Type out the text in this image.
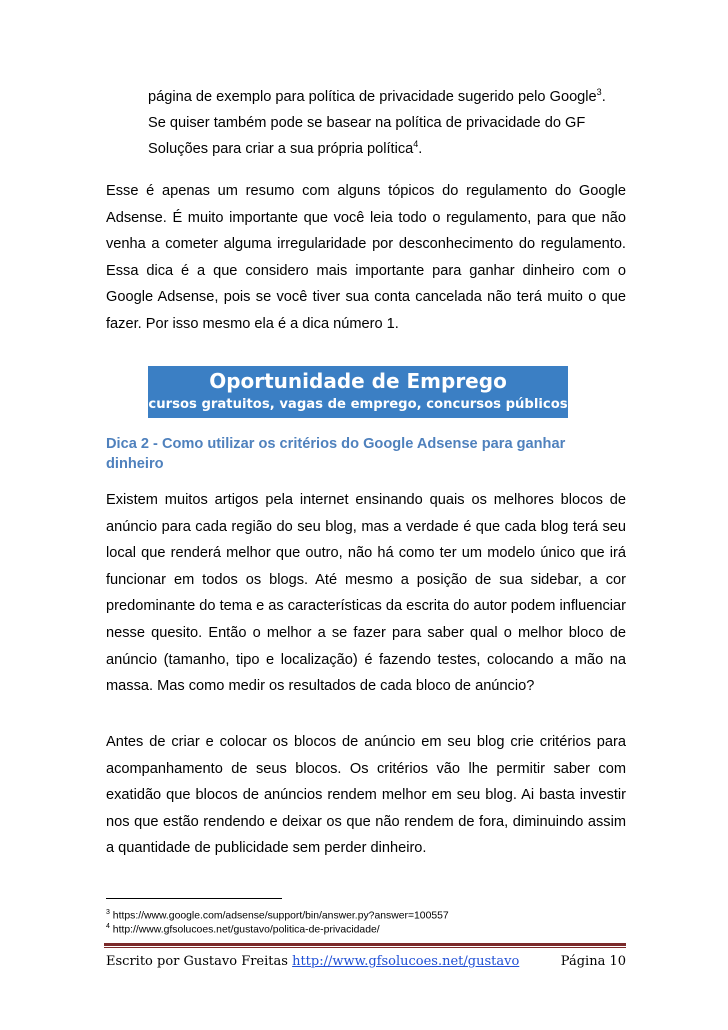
página de exemplo para política de privacidade sugerido pelo Google$^3$.

Se quiser também pode se basear na política de privacidade do GF

Soluções para criar a sua própria política$^4$.

Esse é apenas um resumo com alguns tópicos do regulamento do Google Adsense. É muito importante que você leia todo o regulamento, para que não venha a cometer alguma irregularidade por desconhecimento do regulamento. Essa dica é a que considero mais importante para ganhar dinheiro com o Google Adsense, pois se você tiver sua conta cancelada não terá muito o que fazer. Por isso mesmo ela é a dica número 1.

Oportunidade de Emprego
cursos gratuitos, vagas de emprego, concursos públicos
Dica 2 - Como utilizar os critérios do Google Adsense para ganhar dinheiro

Existem muitos artigos pela internet ensinando quais os melhores blocos de anúncio para cada região do seu blog, mas a verdade é que cada blog terá seu local que renderá melhor que outro, não há como ter um modelo único que irá funcionar em todos os blogs. Até mesmo a posição de sua sidebar, a cor predominante do tema e as características da escrita do autor podem influenciar nesse quesito. Então o melhor a se fazer para saber qual o melhor bloco de anúncio (tamanho, tipo e localização) é fazendo testes, colocando a mão na massa. Mas como medir os resultados de cada bloco de anúncio?

Antes de criar e colocar os blocos de anúncio em seu blog crie critérios para acompanhamento de seus blocos. Os critérios vão lhe permitir saber com exatidão que blocos de anúncios rendem melhor em seu blog. Ai basta investir nos que estão rendendo e deixar os que não rendem de fora, diminuindo assim a quantidade de publicidade sem perder dinheiro.

$^3$ https://www.google.com/adsense/support/bin/answer.py?answer=100557
$^4$ http://www.gfsolucoes.net/gustavo/politica-de-privacidade/
Escrito por Gustavo Freitas http://www.gfsolucoes.net/gustavo	Página 10
